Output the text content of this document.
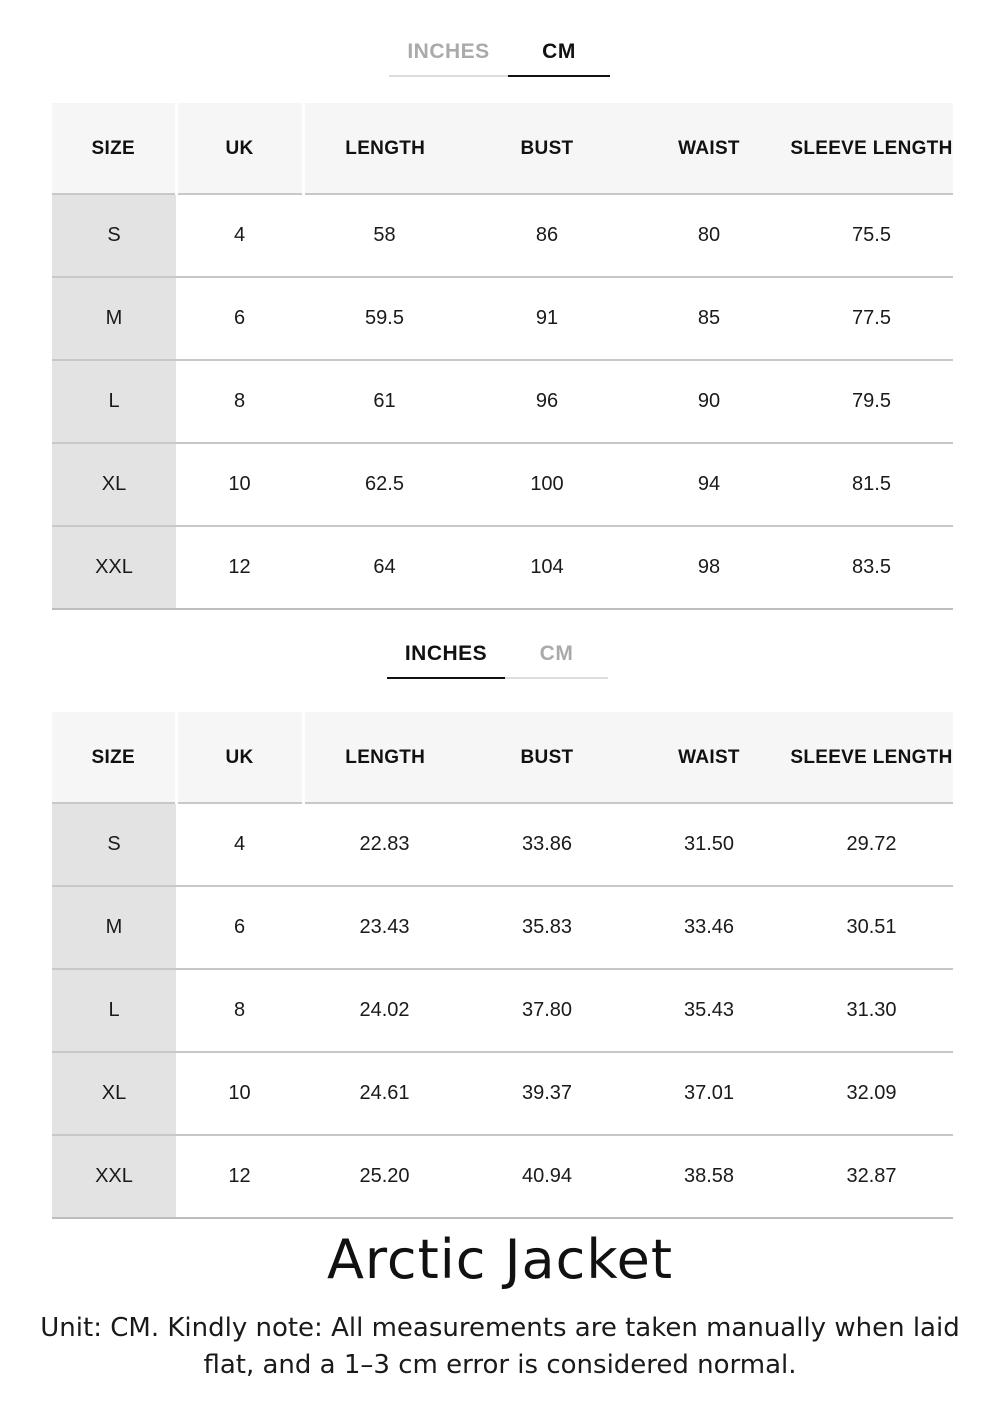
INCHES	CM
SIZE	UK	LENGTH	BUST	WAIST	SLEEVE LENGTH
S	4	58	86	80	75.5
M	6	59.5	91	85	77.5
L	8	61	96	90	79.5
XL	10	62.5	100	94	81.5
XXL	12	64	104	98	83.5
INCHES	CM
SIZE	UK	LENGTH	BUST	WAIST	SLEEVE LENGTH
S	4	22.83	33.86	31.50	29.72
M	6	23.43	35.83	33.46	30.51
L	8	24.02	37.80	35.43	31.30
XL	10	24.61	39.37	37.01	32.09
XXL	12	25.20	40.94	38.58	32.87
Arctic Jacket
Unit: CM. Kindly note: All measurements are taken manually when laid flat, and a 1–3 cm error is considered normal.
